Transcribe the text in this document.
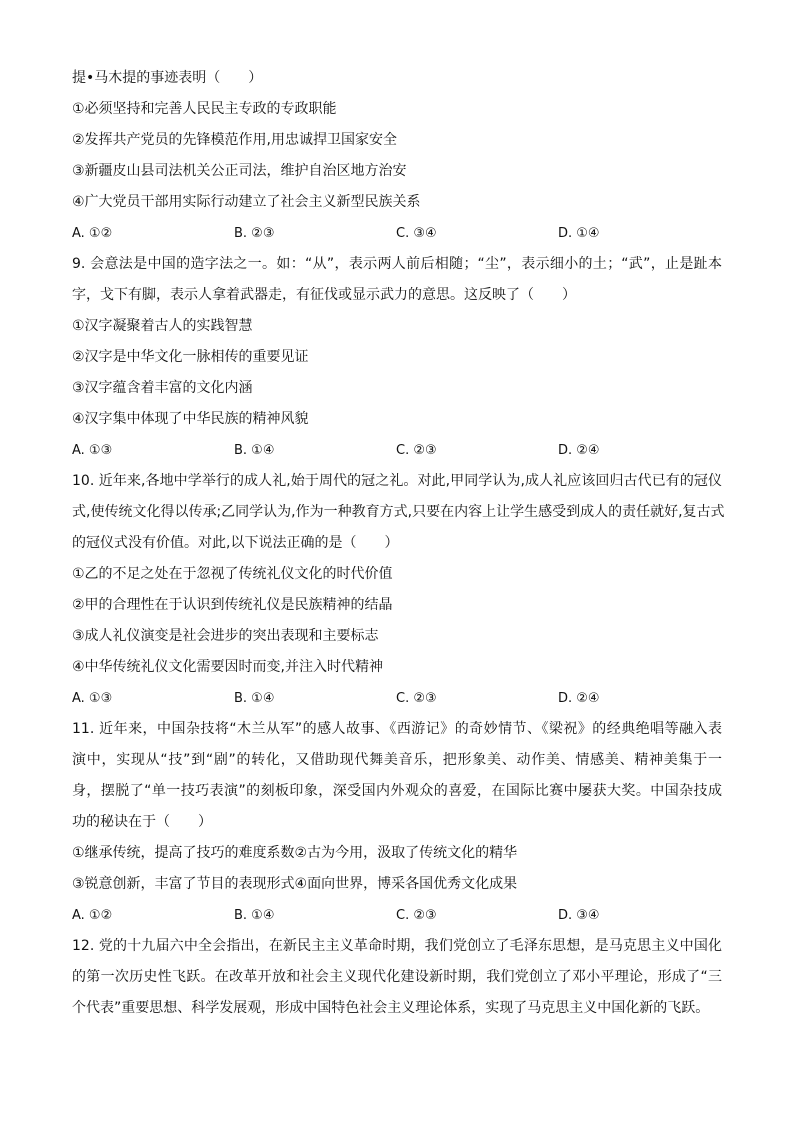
提•马木提的事迹表明（　　）
①必须坚持和完善人民民主专政的专政职能
②发挥共产党员的先锋模范作用,用忠诚捍卫国家安全
③新疆皮山县司法机关公正司法，维护自治区地方治安
④广大党员干部用实际行动建立了社会主义新型民族关系
A. ①②	B. ②③	C. ③④	D. ①④
9. 会意法是中国的造字法之一。如：“从”，表示两人前后相随；“尘”，表示细小的土；“武”，止是趾本
字，戈下有脚，表示人拿着武器走，有征伐或显示武力的意思。这反映了（　　）
①汉字凝聚着古人的实践智慧
②汉字是中华文化一脉相传的重要见证
③汉字蕴含着丰富的文化内涵
④汉字集中体现了中华民族的精神风貌
A. ①③	B. ①④	C. ②③	D. ②④
10. 近年来,各地中学举行的成人礼,始于周代的冠之礼。对此,甲同学认为,成人礼应该回归古代已有的冠仪
式,使传统文化得以传承;乙同学认为,作为一种教育方式,只要在内容上让学生感受到成人的责任就好,复古式
的冠仪式没有价值。对此,以下说法正确的是（　　）
①乙的不足之处在于忽视了传统礼仪文化的时代价值
②甲的合理性在于认识到传统礼仪是民族精神的结晶
③成人礼仪演变是社会进步的突出表现和主要标志
④中华传统礼仪文化需要因时而变,并注入时代精神
A. ①③	B. ①④	C. ②③	D. ②④
11. 近年来，中国杂技将“木兰从军”的感人故事、《西游记》的奇妙情节、《梁祝》的经典绝唱等融入表
演中，实现从“技”到“剧”的转化，又借助现代舞美音乐，把形象美、动作美、情感美、精神美集于一
身，摆脱了“单一技巧表演”的刻板印象，深受国内外观众的喜爱，在国际比赛中屡获大奖。中国杂技成
功的秘诀在于（　　）
①继承传统，提高了技巧的难度系数②古为今用，汲取了传统文化的精华
③锐意创新，丰富了节目的表现形式④面向世界，博采各国优秀文化成果
A. ①②	B. ①④	C. ②③	D. ③④
12. 党的十九届六中全会指出，在新民主主义革命时期，我们党创立了毛泽东思想，是马克思主义中国化
的第一次历史性飞跃。在改革开放和社会主义现代化建设新时期，我们党创立了邓小平理论，形成了“三
个代表”重要思想、科学发展观，形成中国特色社会主义理论体系，实现了马克思主义中国化新的飞跃。
